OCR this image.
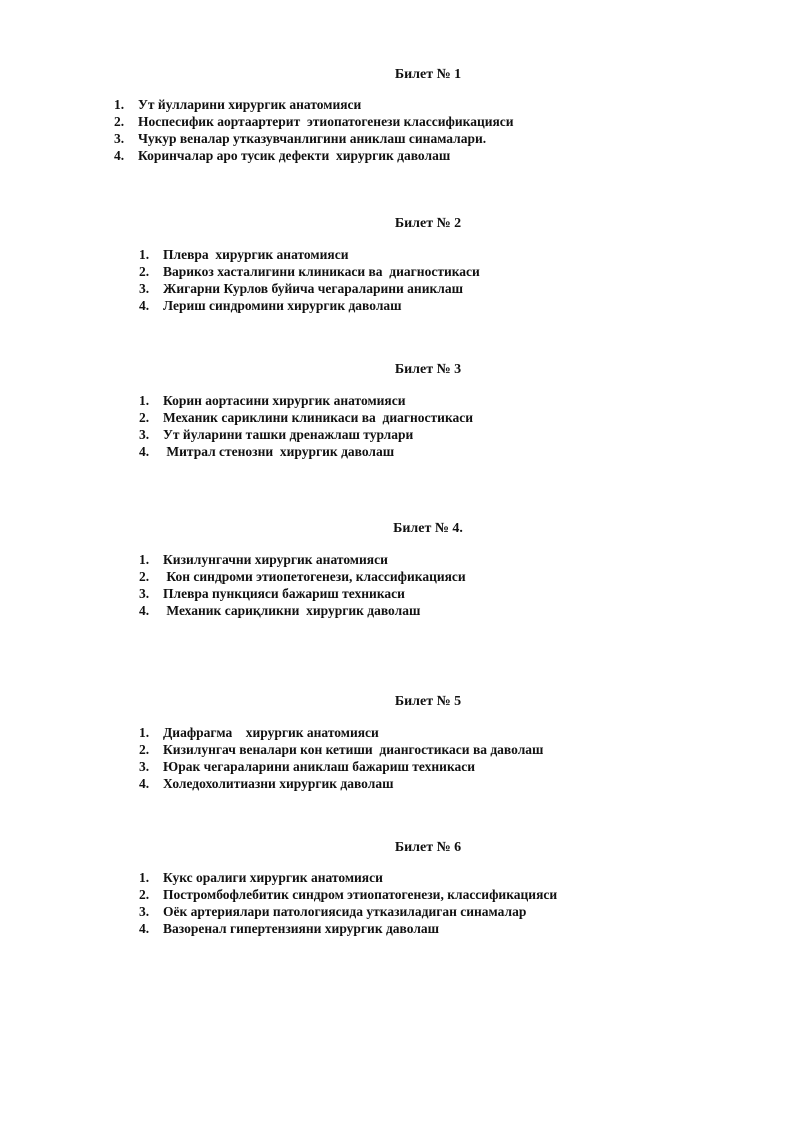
Билет № 1
1. Ут йулларини хирургик анатомияси
2. Носпесифик аортаартерит  этиопатогенези классификацияси
3. Чукур веналар утказувчанлигини аниклаш синамалари.
4. Коринчалар аро тусик дефекти  хирургик даволаш
Билет № 2
1. Плевра  хирургик анатомияси
2. Варикоз хасталигини клиникаси ва  диагностикаси
3. Жигарни Курлов буйича чегараларини аниклаш
4. Лериш синдромини хирургик даволаш
Билет № 3
1. Корин аортасини хирургик анатомияси
2. Механик сариклини клиникаси ва  диагностикаси
3. Ут йуларини ташки дренажлаш турлари
4. Митрал стенозни  хирургик даволаш
Билет № 4.
1. Кизилунгачни хирургик анатомияси
2. Кон синдроми этиопетогенези, классификацияси
3. Плевра пункцияси бажариш техникаси
4. Механик сариқликни  хирургик даволаш
Билет № 5
1. Диафрагма    хирургик анатомияси
2. Кизилунгач веналари кон кетиши  диангостикаси ва даволаш
3. Юрак чегараларини аниклаш бажариш техникаси
4. Холедохолитиазни хирургик даволаш
Билет № 6
1. Кукс оралиги хирургик анатомияси
2. Постромбофлебитик синдром этиопатогенези, классификацияси
3. Оёк артериялари патологиясида утказиладиган синамалар
4. Вазоренал гипертензияни хирургик даволаш
